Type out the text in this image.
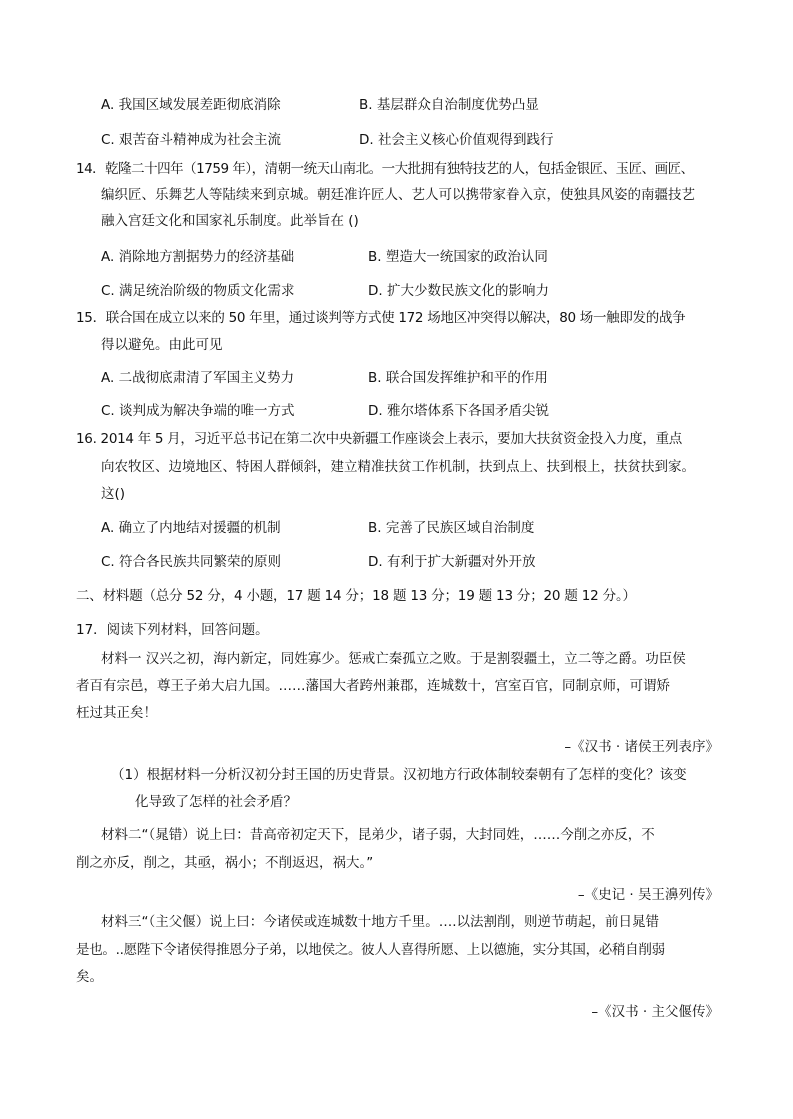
A. 我国区域发展差距彻底消除	B. 基层群众自治制度优势凸显
C. 艰苦奋斗精神成为社会主流	D. 社会主义核心价值观得到践行
14．乾隆二十四年（1759 年），清朝一统天山南北。一大批拥有独特技艺的人，包括金银匠、玉匠、画匠、
编织匠、乐舞艺人等陆续来到京城。朝廷准许匠人、艺人可以携带家眷入京，使独具风姿的南疆技艺
融入宫廷文化和国家礼乐制度。此举旨在 ()
A. 消除地方割据势力的经济基础	B. 塑造大一统国家的政治认同
C. 满足统治阶级的物质文化需求	D. 扩大少数民族文化的影响力
15．联合国在成立以来的 50 年里，通过谈判等方式使 172 场地区冲突得以解决，80 场一触即发的战争
得以避免。由此可见
A. 二战彻底肃清了军国主义势力	B. 联合国发挥维护和平的作用
C. 谈判成为解决争端的唯一方式	D. 雅尔塔体系下各国矛盾尖锐
16. 2014 年 5 月，习近平总书记在第二次中央新疆工作座谈会上表示，要加大扶贫资金投入力度，重点
向农牧区、边境地区、特困人群倾斜，建立精准扶贫工作机制，扶到点上、扶到根上，扶贫扶到家。
这()
A. 确立了内地结对援疆的机制	B. 完善了民族区域自治制度
C. 符合各民族共同繁荣的原则	D. 有利于扩大新疆对外开放
二、材料题（总分 52 分，4 小题，17 题 14 分；18 题 13 分；19 题 13 分；20 题 12 分。）
17．阅读下列材料，回答问题。
材料一 汉兴之初，海内新定，同姓寡少。惩戒亡秦孤立之败。于是割裂疆土，立二等之爵。功臣侯
者百有宗邑，尊王子弟大启九国。……藩国大者跨州兼郡，连城数十，宫室百官，同制京师，可谓矫
枉过其正矣！
–《汉书 · 诸侯王列表序》
（1）根据材料一分析汉初分封王国的历史背景。汉初地方行政体制较秦朝有了怎样的变化？该变
化导致了怎样的社会矛盾？
材料二“（晁错）说上曰：昔高帝初定天下，昆弟少，诸子弱，大封同姓，……今削之亦反，不
削之亦反，削之，其亟，祸小；不削返迟，祸大。”
–《史记 · 吴王濞列传》
材料三“（主父偃）说上曰：今诸侯或连城数十地方千里。….以法割削，则逆节萌起，前日晁错
是也。..愿陛下令诸侯得推恩分子弟，以地侯之。彼人人喜得所愿、上以德施，实分其国，必稍自削弱
矣。
–《汉书 · 主父偃传》
